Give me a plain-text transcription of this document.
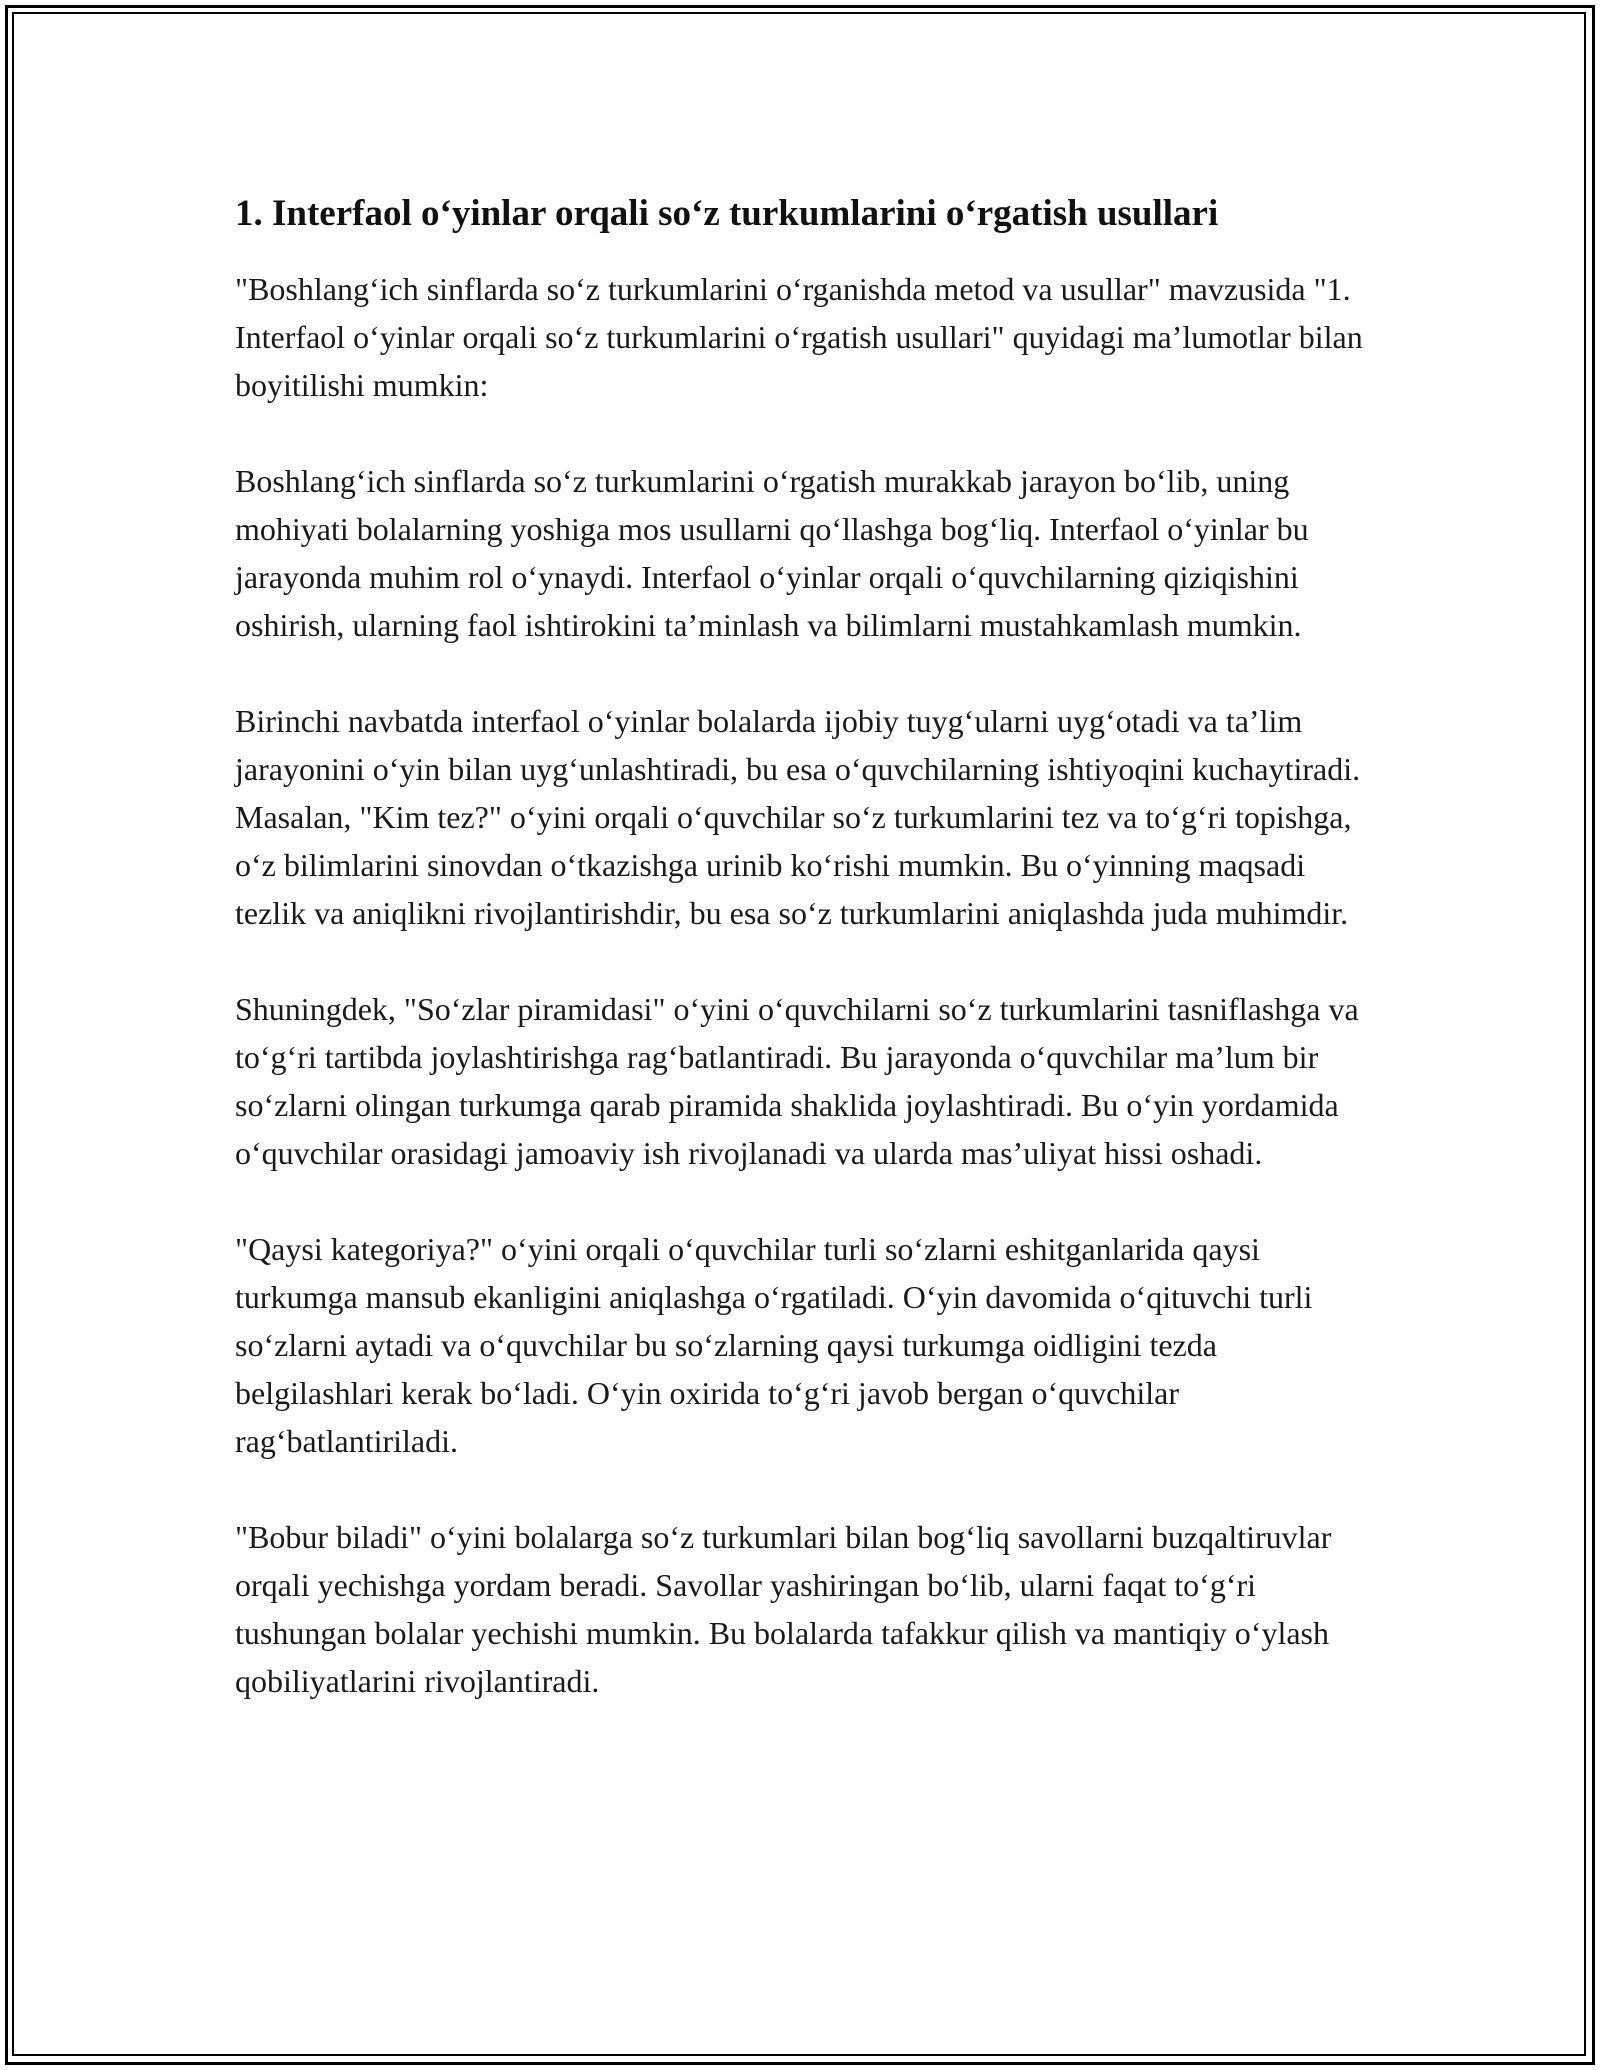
1. Interfaol o‘yinlar orqali so‘z turkumlarini o‘rgatish usullari

"Boshlang‘ich sinflarda so‘z turkumlarini o‘rganishda metod va usullar" mavzusida "1. Interfaol o‘yinlar orqali so‘z turkumlarini o‘rgatish usullari" quyidagi ma’lumotlar bilan boyitilishi mumkin:

Boshlang‘ich sinflarda so‘z turkumlarini o‘rgatish murakkab jarayon bo‘lib, uning mohiyati bolalarning yoshiga mos usullarni qo‘llashga bog‘liq. Interfaol o‘yinlar bu jarayonda muhim rol o‘ynaydi. Interfaol o‘yinlar orqali o‘quvchilarning qiziqishini oshirish, ularning faol ishtirokini ta’minlash va bilimlarni mustahkamlash mumkin.

Birinchi navbatda interfaol o‘yinlar bolalarda ijobiy tuyg‘ularni uyg‘otadi va ta’lim jarayonini o‘yin bilan uyg‘unlashtiradi, bu esa o‘quvchilarning ishtiyoqini kuchaytiradi. Masalan, "Kim tez?" o‘yini orqali o‘quvchilar so‘z turkumlarini tez va to‘g‘ri topishga, o‘z bilimlarini sinovdan o‘tkazishga urinib ko‘rishi mumkin. Bu o‘yinning maqsadi tezlik va aniqlikni rivojlantirishdir, bu esa so‘z turkumlarini aniqlashda juda muhimdir.

Shuningdek, "So‘zlar piramidasi" o‘yini o‘quvchilarni so‘z turkumlarini tasniflashga va to‘g‘ri tartibda joylashtirishga rag‘batlantiradi. Bu jarayonda o‘quvchilar ma’lum bir so‘zlarni olingan turkumga qarab piramida shaklida joylashtiradi. Bu o‘yin yordamida o‘quvchilar orasidagi jamoaviy ish rivojlanadi va ularda mas’uliyat hissi oshadi.

"Qaysi kategoriya?" o‘yini orqali o‘quvchilar turli so‘zlarni eshitganlarida qaysi turkumga mansub ekanligini aniqlashga o‘rgatiladi. O‘yin davomida o‘qituvchi turli so‘zlarni aytadi va o‘quvchilar bu so‘zlarning qaysi turkumga oidligini tezda belgilashlari kerak bo‘ladi. O‘yin oxirida to‘g‘ri javob bergan o‘quvchilar rag‘batlantiriladi.

"Bobur biladi" o‘yini bolalarga so‘z turkumlari bilan bog‘liq savollarni buzqaltiruvlar orqali yechishga yordam beradi. Savollar yashiringan bo‘lib, ularni faqat to‘g‘ri tushungan bolalar yechishi mumkin. Bu bolalarda tafakkur qilish va mantiqiy o‘ylash qobiliyatlarini rivojlantiradi.
